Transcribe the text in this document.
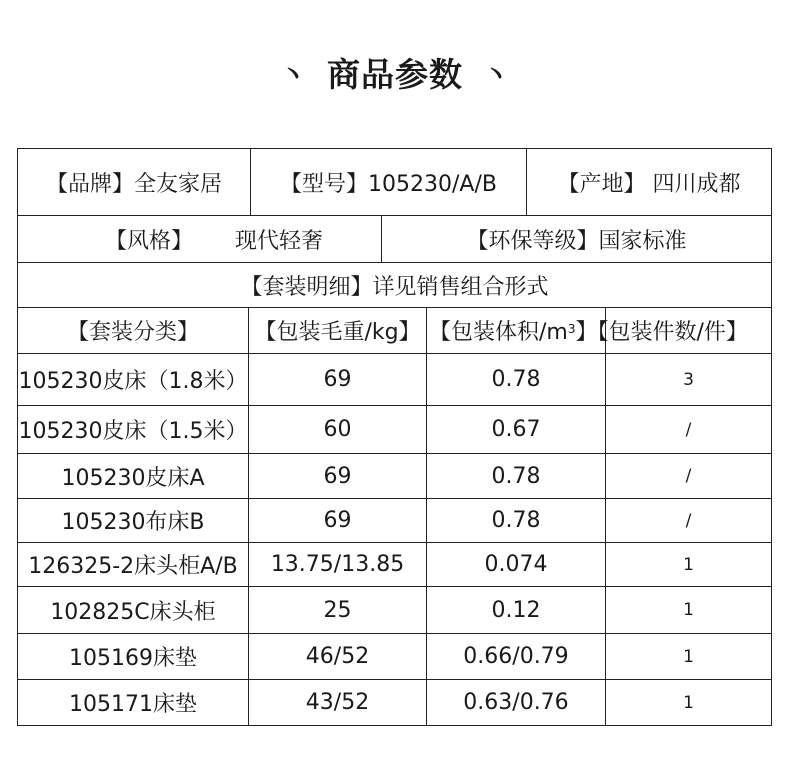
丶 商品参数 丶
【品牌】全友家居	【型号】105230/A/B	【产地】 四川成都
【风格】 现代轻奢	【环保等级】国家标准
【套装明细】详见销售组合形式
【套装分类】	【包装毛重/kg】 【包装体积$/m^3$ 】【包装件数/件】
105230皮床（1.8米）	69	0.78	3
105230皮床（1.5米）	60	0.67	/
105230皮床A	69	0.78	/
105230布床B	69	0.78	/
126325-2床头柜A/B	13.75/13.85	0.074	1
102825C床头柜	25	0.12	1
105169床垫	46/52	0.66/0.79	1
105171床垫	43/52	0.63/0.76	1
